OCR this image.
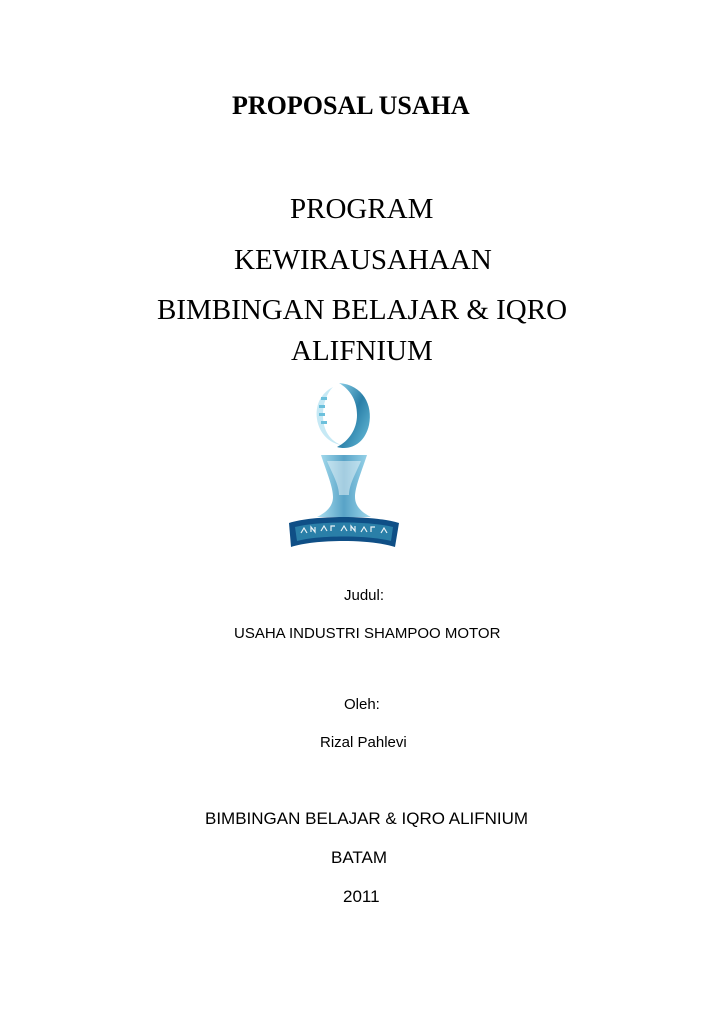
PROPOSAL USAHA
PROGRAM
KEWIRAUSAHAAN
BIMBINGAN BELAJAR & IQRO
ALIFNIUM
Judul:
USAHA INDUSTRI SHAMPOO MOTOR
Oleh:
Rizal Pahlevi
BIMBINGAN BELAJAR & IQRO ALIFNIUM
BATAM
2011
